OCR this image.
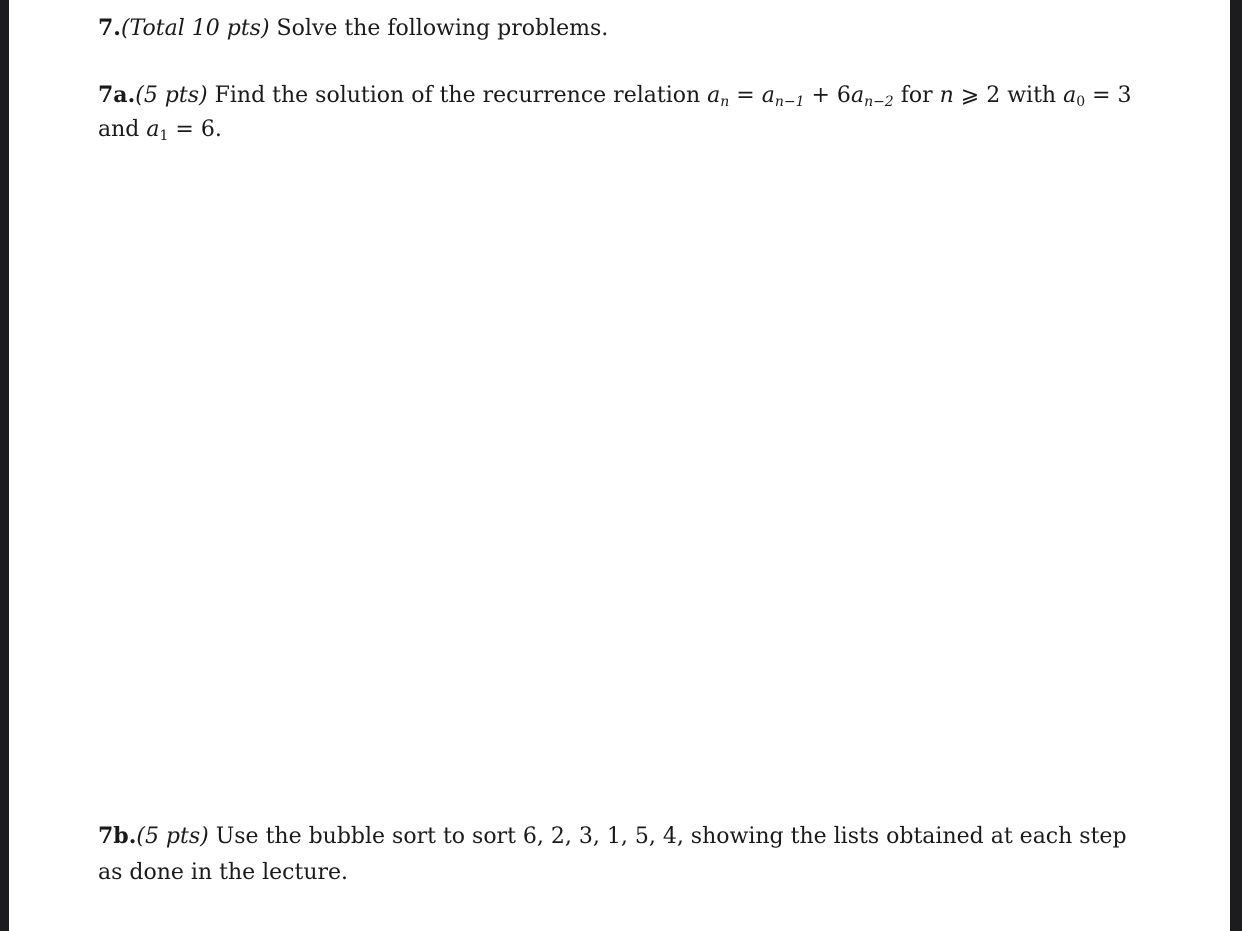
7.(Total 10 pts) Solve the following problems.
7a.(5 pts) Find the solution of the recurrence relation $a_n = a_{n-1} + 6a_{n-2}$ for n ⩾ 2 with $a_0 = 3$ and $a_1 = 6$.
7b.(5 pts) Use the bubble sort to sort 6, 2, 3, 1, 5, 4, showing the lists obtained at each step as done in the lecture.
